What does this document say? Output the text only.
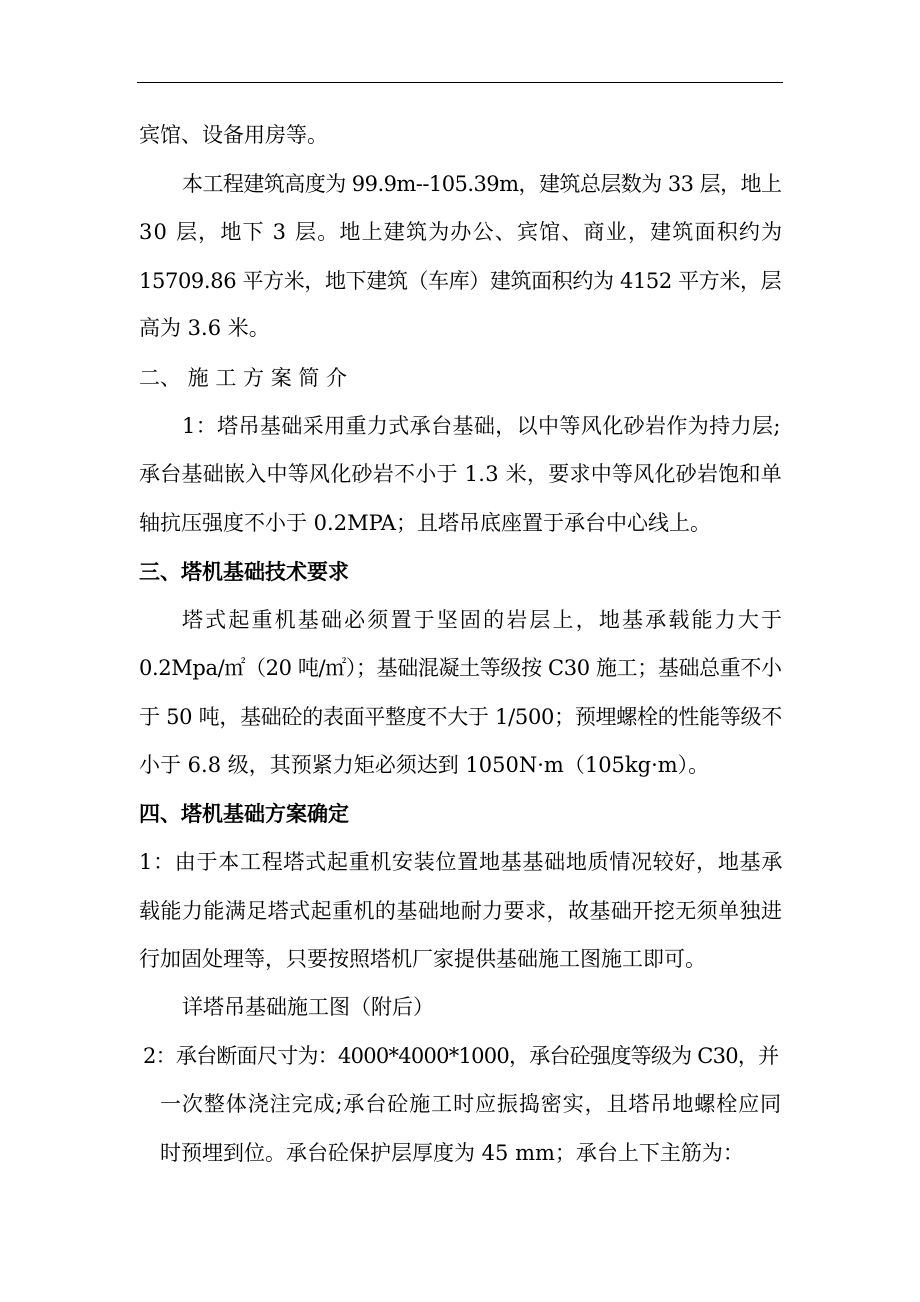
宾馆、设备用房等。
本工程建筑高度为 99.9m--105.39m，建筑总层数为 33 层，地上
30 层，地下 3 层。地上建筑为办公、宾馆、商业，建筑面积约为
15709.86 平方米，地下建筑（车库）建筑面积约为 4152 平方米，层
高为 3.6 米。
二、 施 工 方 案 简 介
1：塔吊基础采用重力式承台基础，以中等风化砂岩作为持力层;
承台基础嵌入中等风化砂岩不小于 1.3 米，要求中等风化砂岩饱和单
轴抗压强度不小于 0.2MPA；且塔吊底座置于承台中心线上。
三、塔机基础技术要求
塔式起重机基础必须置于坚固的岩层上，地基承载能力大于
0.2Mpa/㎡（20 吨/㎡）；基础混凝土等级按 C30 施工；基础总重不小
于 50 吨，基础砼的表面平整度不大于 1/500；预埋螺栓的性能等级不
小于 6.8 级，其预紧力矩必须达到 1050N·m（105kg·m）。
四、塔机基础方案确定
1：由于本工程塔式起重机安装位置地基基础地质情况较好，地基承
载能力能满足塔式起重机的基础地耐力要求，故基础开挖无须单独进
行加固处理等，只要按照塔机厂家提供基础施工图施工即可。
详塔吊基础施工图（附后）
2：承台断面尺寸为：4000*4000*1000，承台砼强度等级为 C30，并
一次整体浇注完成;承台砼施工时应振捣密实，且塔吊地螺栓应同
时预埋到位。承台砼保护层厚度为 45 mm；承台上下主筋为：
